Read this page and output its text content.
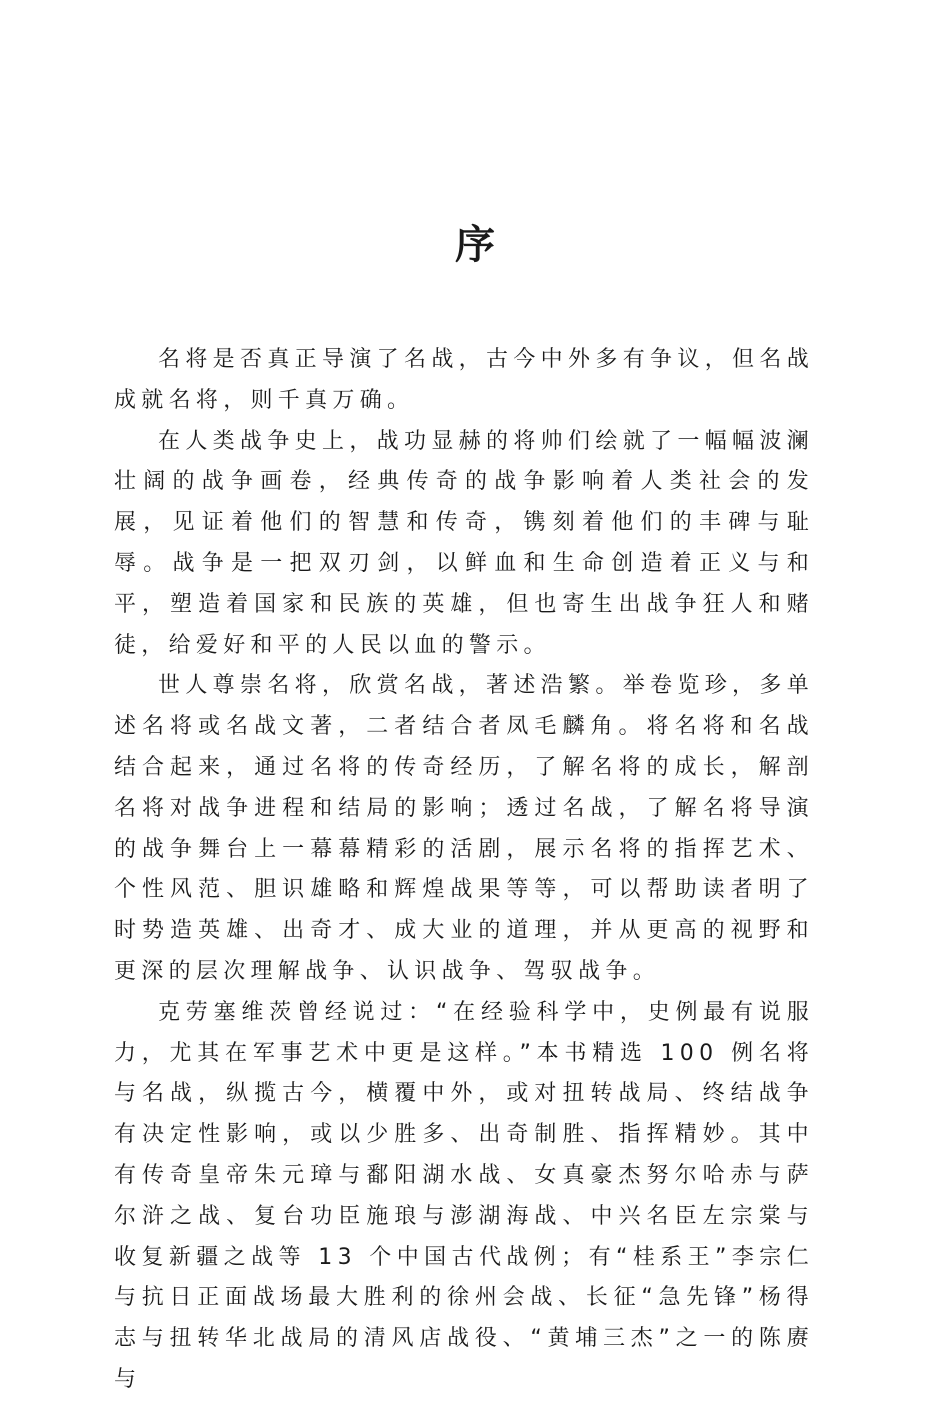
序

名将是否真正导演了名战，古今中外多有争议，但名战成就名将，则千真万确。

在人类战争史上，战功显赫的将帅们绘就了一幅幅波澜壮阔的战争画卷，经典传奇的战争影响着人类社会的发展，见证着他们的智慧和传奇，镌刻着他们的丰碑与耻辱。战争是一把双刃剑，以鲜血和生命创造着正义与和平，塑造着国家和民族的英雄，但也寄生出战争狂人和赌徒，给爱好和平的人民以血的警示。

世人尊崇名将，欣赏名战，著述浩繁。举卷览珍，多单述名将或名战文著，二者结合者凤毛麟角。将名将和名战结合起来，通过名将的传奇经历，了解名将的成长，解剖名将对战争进程和结局的影响；透过名战，了解名将导演的战争舞台上一幕幕精彩的活剧，展示名将的指挥艺术、个性风范、胆识雄略和辉煌战果等等，可以帮助读者明了时势造英雄、出奇才、成大业的道理，并从更高的视野和更深的层次理解战争、认识战争、驾驭战争。

克劳塞维茨曾经说过：“在经验科学中，史例最有说服力，尤其在军事艺术中更是这样。”本书精选 100 例名将与名战，纵揽古今，横覆中外，或对扭转战局、终结战争有决定性影响，或以少胜多、出奇制胜、指挥精妙。其中有传奇皇帝朱元璋与鄱阳湖水战、女真豪杰努尔哈赤与萨尔浒之战、复台功臣施琅与澎湖海战、中兴名臣左宗棠与收复新疆之战等 13 个中国古代战例；有“桂系王”李宗仁与抗日正面战场最大胜利的徐州会战、长征“急先锋”杨得志与扭转华北战局的清风店战役、“黄埔三杰”之一的陈赓与
